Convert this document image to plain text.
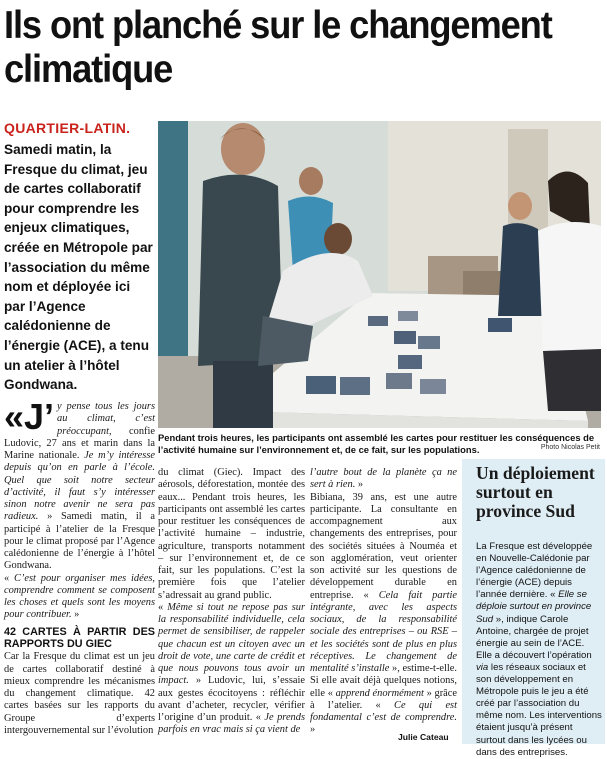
Ils ont planché sur le changement climatique
QUARTIER-LATIN.

Samedi matin, la Fresque du climat, jeu de cartes collaboratif pour comprendre les enjeux climatiques, créée en Métropole par l’association du même nom et déployée ici par l’Agence calédonienne de l’énergie (ACE), a tenu un atelier à l’hôtel Gondwana.

Pendant trois heures, les participants ont assemblé les cartes pour restituer les conséquences de l’activité humaine sur l’environnement et, de ce fait, sur les populations.	Photo Nicolas Petit

«J’ y pense tous les jours au climat, c’est préoccupant, confie Ludovic, 27 ans et marin dans la Marine nationale. Je m’y intéresse depuis qu’on en parle à l’école. Quel que soit notre secteur d’activité, il faut s’y intéresser sinon notre avenir ne sera pas radieux. » Samedi matin, il a participé à l’atelier de la Fresque pour le climat proposé par l’Agence calédonienne de l’énergie à l’hôtel Gondwana.

« C’est pour organiser mes idées, comprendre comment se composent les choses et quels sont les moyens pour contribuer. »

42 CARTES À PARTIR DES RAPPORTS DU GIEC

Car la Fresque du climat est un jeu de cartes collaboratif destiné à mieux comprendre les mécanismes du changement climatique. 42 cartes basées sur les rapports du Groupe d’experts intergouvernemental sur l’évolution

du climat (Giec). Impact des aérosols, déforestation, montée des eaux... Pendant trois heures, les participants ont assemblé les cartes pour restituer les conséquences de l’activité humaine – industrie, agriculture, transports notamment – sur l’environnement et, de ce fait, sur les populations. C’est la première fois que l’atelier s’adressait au grand public.

« Même si tout ne repose pas sur la responsabilité individuelle, cela permet de sensibiliser, de rappeler que chacun est un citoyen avec un droit de vote, une carte de crédit et que nous pouvons tous avoir un impact. » Ludovic, lui, s’essaie aux gestes écocitoyens : réfléchir avant d’acheter, recycler, vérifier l’origine d’un produit. « Je prends parfois en vrac mais si ça vient de

l’autre bout de la planète ça ne sert à rien. »

Bibiana, 39 ans, est une autre participante. La consultante en accompagnement aux changements des entreprises, pour des sociétés situées à Nouméa et son agglomération, veut orienter son activité sur les questions de développement durable en entreprise. « Cela fait partie intégrante, avec les aspects sociaux, de la responsabilité sociale des entreprises – ou RSE – et les sociétés sont de plus en plus réceptives. Le changement de mentalité s’installe », estime-t-elle. Si elle avait déjà quelques notions, elle « apprend énormément » grâce à l’atelier. « Ce qui est fondamental c’est de comprendre. »

Julie Cateau
Un déploiement surtout en province Sud

La Fresque est développée en Nouvelle-Calédonie par l’Agence calédonienne de l’énergie (ACE) depuis l’année dernière. « Elle se déploie surtout en province Sud », indique Carole Antoine, chargée de projet énergie au sein de l’ACE. Elle a découvert l’opération via les réseaux sociaux et son développement en Métropole puis le jeu a été créé par l’association du même nom. Les interventions étaient jusqu’à présent surtout dans les lycées ou dans des entreprises.
